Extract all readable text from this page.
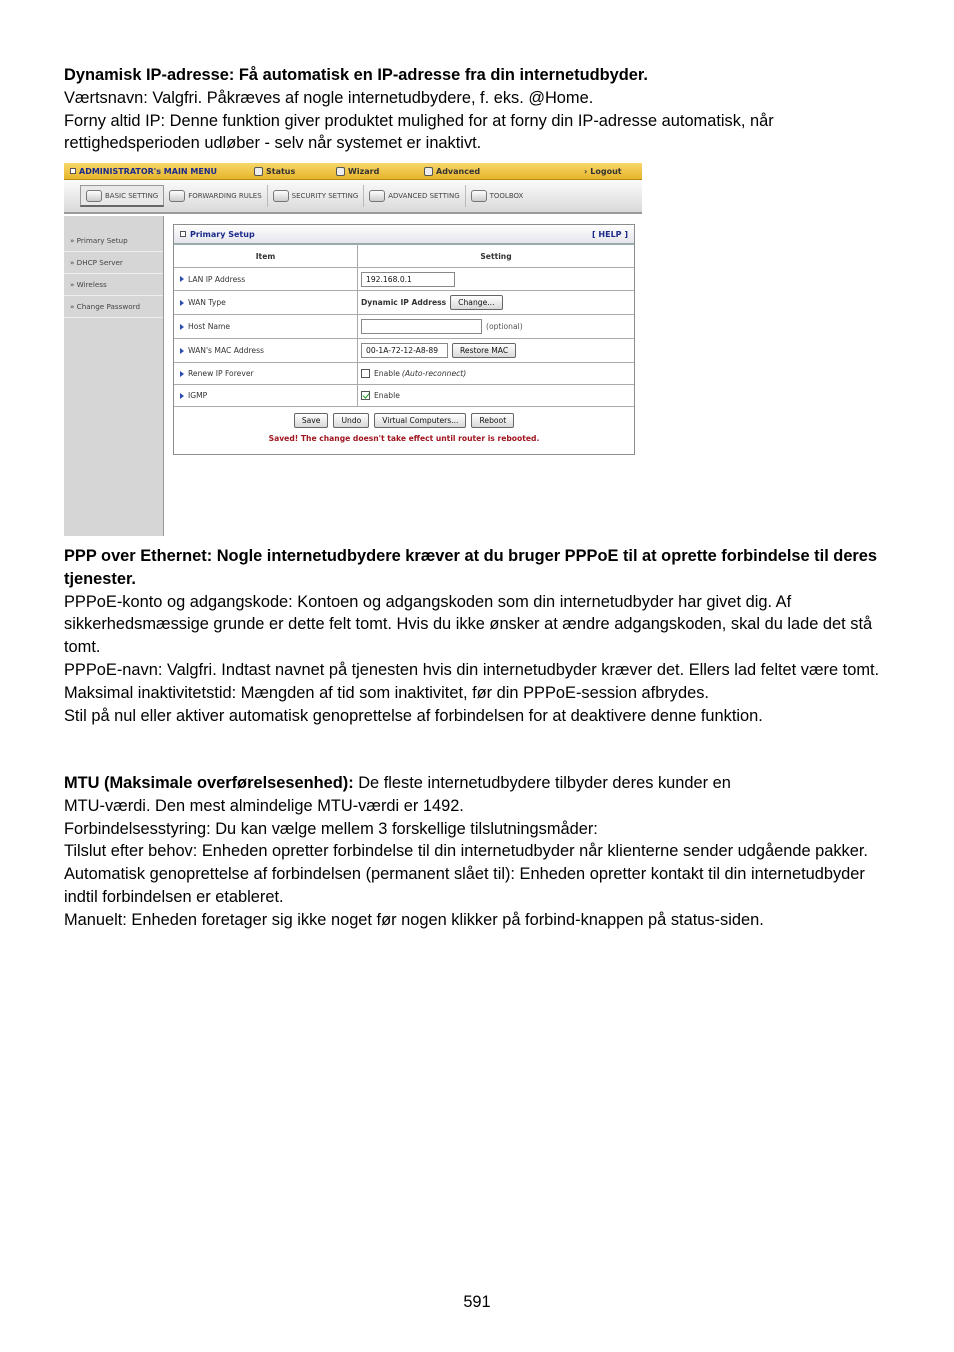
Dynamisk IP-adresse: Få automatisk en IP-adresse fra din internetudbyder.

Værtsnavn: Valgfri. Påkræves af nogle internetudbydere, f. eks. @Home.

Forny altid IP: Denne funktion giver produktet mulighed for at forny din IP-adresse automatisk, når

rettighedsperioden udløber - selv når systemet er inaktivt.

ADMINISTRATOR's MAIN MENU	Status	Wizard	Advanced	› Logout
BASIC SETTING	FORWARDING RULES	SECURITY SETTING	ADVANCED SETTING	TOOLBOX
» Primary Setup
» DHCP Server
» Wireless
» Change Password
Primary Setup	[ HELP ]
Item	Setting
LAN IP Address	192.168.0.1
WAN Type	Dynamic IP Address	Change...
Host Name	(optional)
WAN's MAC Address	00-1A-72-12-A8-89	Restore MAC
Renew IP Forever	Enable (Auto-reconnect)
IGMP	Enable
Save	Undo	Virtual Computers...	Reboot
Saved! The change doesn't take effect until router is rebooted.

PPP over Ethernet: Nogle internetudbydere kræver at du bruger PPPoE til at oprette forbindelse til deres tjenester.

PPPoE-konto og adgangskode: Kontoen og adgangskoden som din internetudbyder har givet dig. Af sikkerhedsmæssige grunde er dette felt tomt. Hvis du ikke ønsker at ændre adgangskoden, skal du lade det stå tomt.

PPPoE-navn: Valgfri. Indtast navnet på tjenesten hvis din internetudbyder kræver det. Ellers lad feltet være tomt.

Maksimal inaktivitetstid: Mængden af tid som inaktivitet, før din PPPoE-session afbrydes.

Stil på nul eller aktiver automatisk genoprettelse af forbindelsen for at deaktivere denne funktion.

MTU (Maksimale overførelsesenhed): De fleste internetudbydere tilbyder deres kunder en

MTU-værdi. Den mest almindelige MTU-værdi er 1492.

Forbindelsesstyring: Du kan vælge mellem 3 forskellige tilslutningsmåder:

Tilslut efter behov: Enheden opretter forbindelse til din internetudbyder når klienterne sender udgående pakker.

Automatisk genoprettelse af forbindelsen (permanent slået til): Enheden opretter kontakt til din internetudbyder indtil forbindelsen er etableret.

Manuelt: Enheden foretager sig ikke noget før nogen klikker på forbind-knappen på status-siden.

591
